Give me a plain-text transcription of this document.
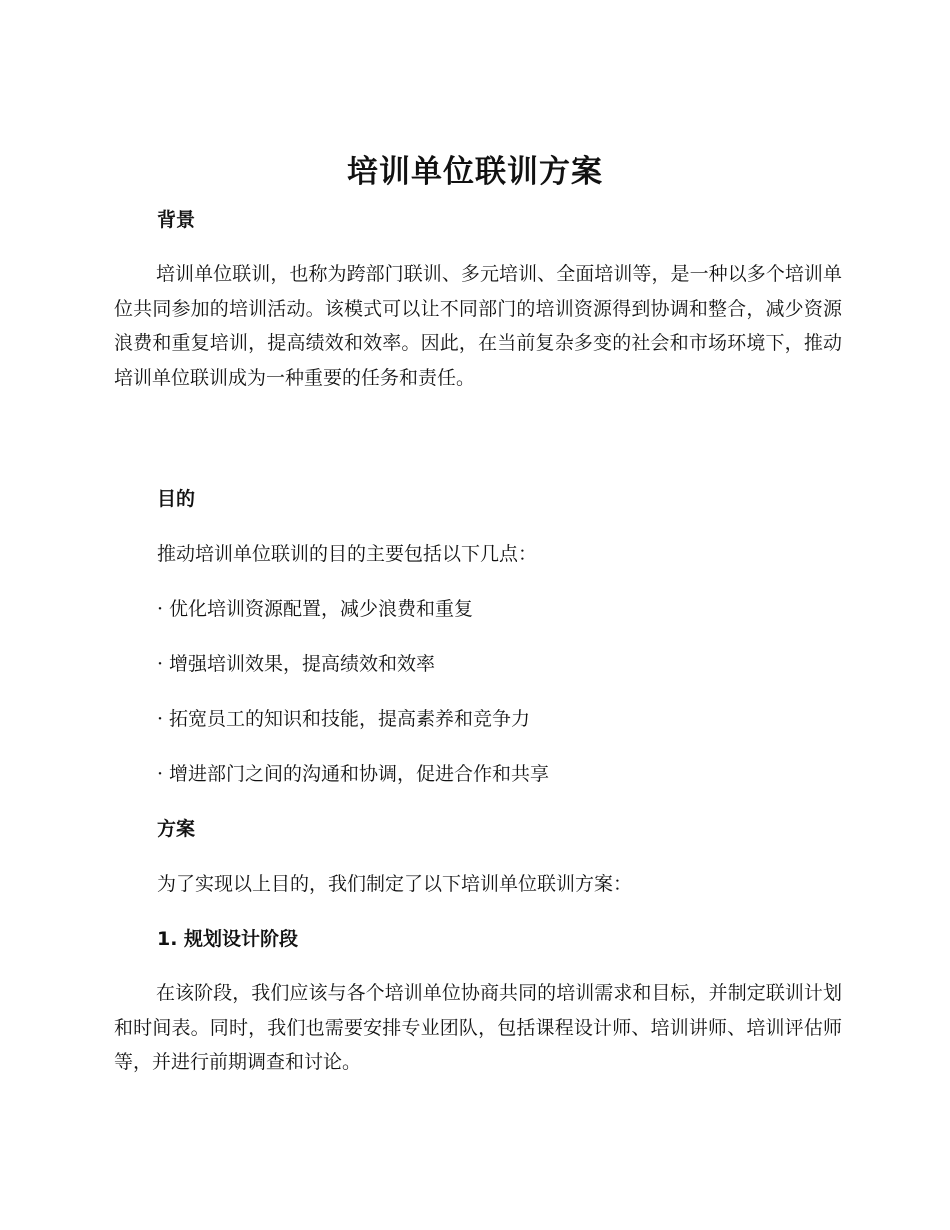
培训单位联训方案
背景

培训单位联训，也称为跨部门联训、多元培训、全面培训等，是一种以多个培训单位共同参加的培训活动。该模式可以让不同部门的培训资源得到协调和整合，减少资源浪费和重复培训，提高绩效和效率。因此，在当前复杂多变的社会和市场环境下，推动培训单位联训成为一种重要的任务和责任。

目的
推动培训单位联训的目的主要包括以下几点：
· 优化培训资源配置，减少浪费和重复
· 增强培训效果，提高绩效和效率
· 拓宽员工的知识和技能，提高素养和竞争力
· 增进部门之间的沟通和协调，促进合作和共享
方案
为了实现以上目的，我们制定了以下培训单位联训方案：
1. 规划设计阶段

在该阶段，我们应该与各个培训单位协商共同的培训需求和目标，并制定联训计划和时间表。同时，我们也需要安排专业团队，包括课程设计师、培训讲师、培训评估师等，并进行前期调查和讨论。
